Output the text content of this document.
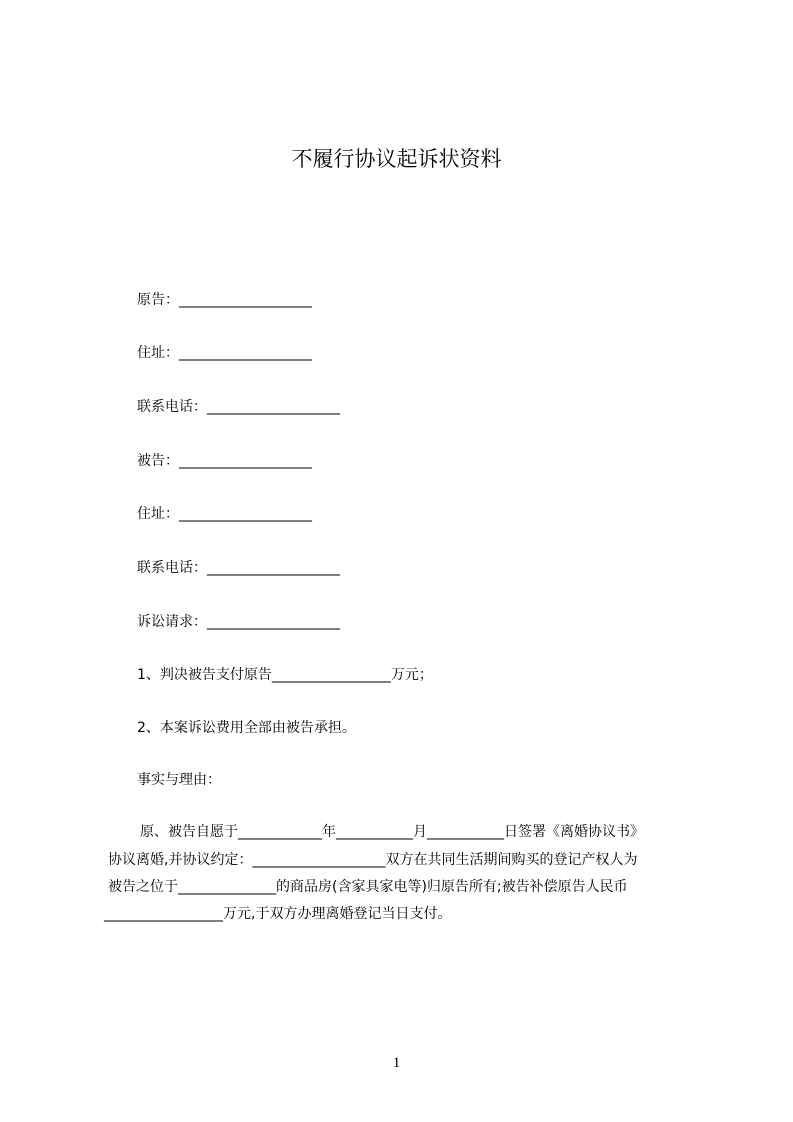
不履行协议起诉状资料
原告：___________________
住址：___________________
联系电话：___________________
被告：___________________
住址：___________________
联系电话：___________________
诉讼请求：___________________
1、判决被告支付原告_________________万元；
2、本案诉讼费用全部由被告承担。
事实与理由：
原、被告自愿于____________年___________月___________日签署《离婚协议书》
协议离婚,并协议约定：___________________双方在共同生活期间购买的登记产权人为
被告之位于______________的商品房(含家具家电等)归原告所有;被告补偿原告人民币
_________________万元,于双方办理离婚登记当日支付。
1
